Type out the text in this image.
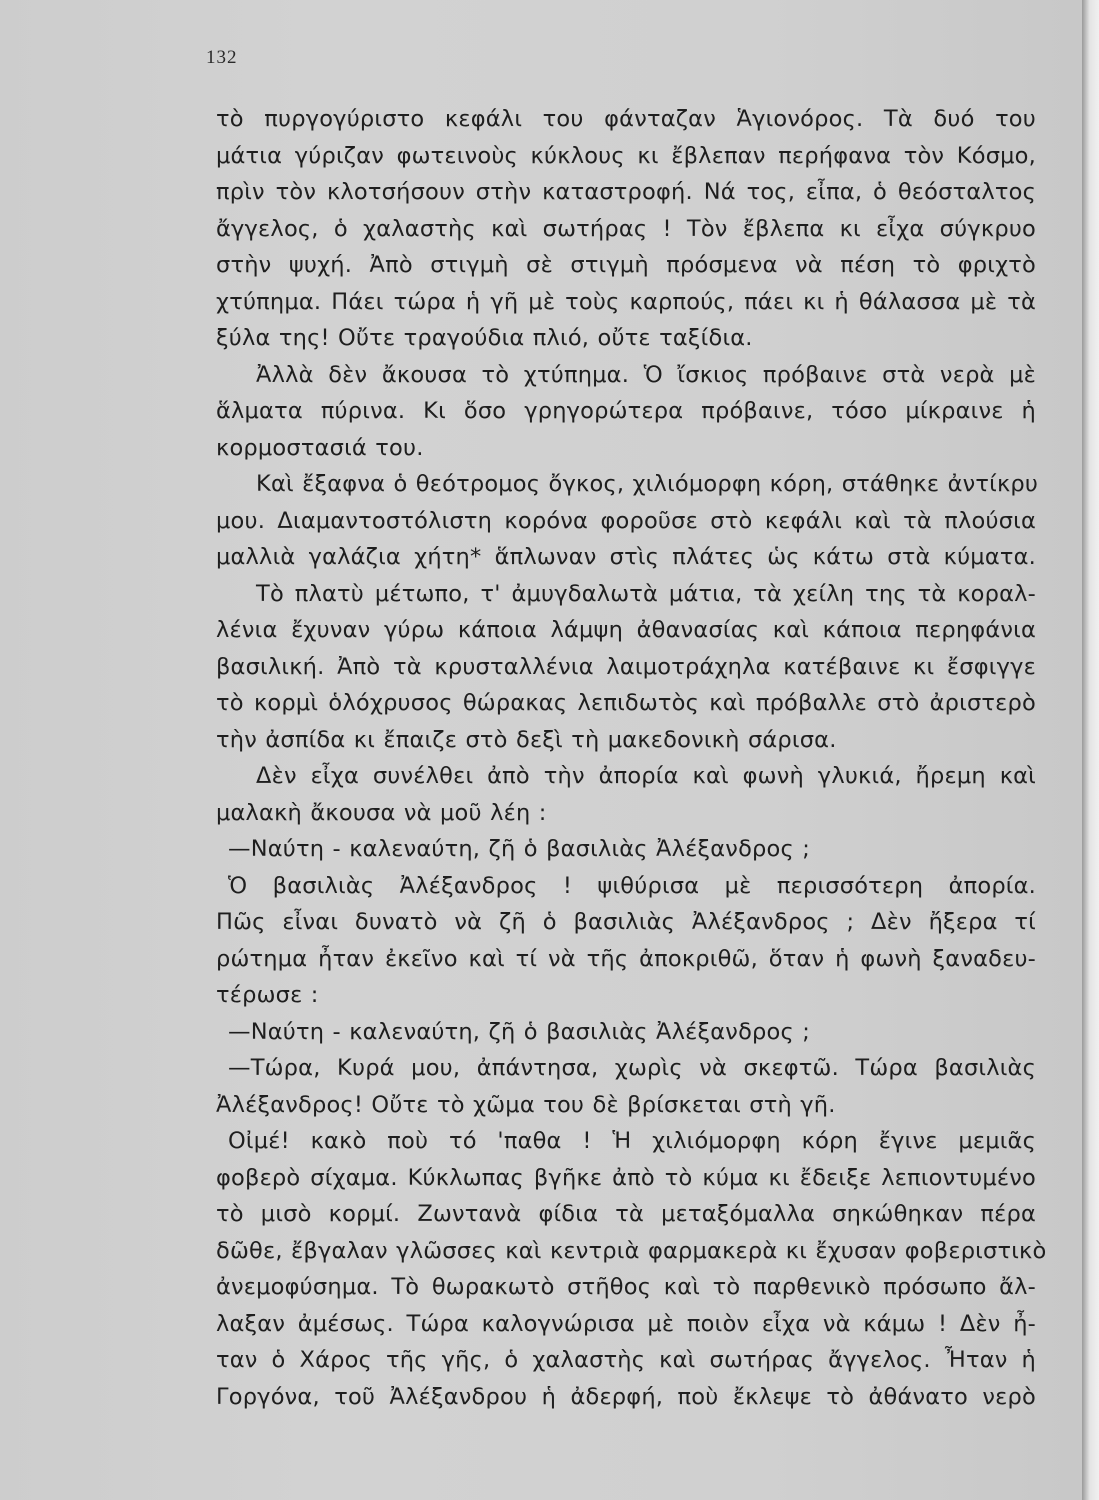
132
τὸ πυργογύριστο κεφάλι του φάνταζαν Ἁγιονόρος. Τὰ δυό του
μάτια γύριζαν φωτεινοὺς κύκλους κι ἔβλεπαν περήφανα τὸν Κόσμο,
πρὶν τὸν κλοτσήσουν στὴν καταστροφή. Νά τος, εἶπα, ὁ θεόσταλτος
ἄγγελος, ὁ χαλαστὴς καὶ σωτήρας ! Τὸν ἔβλεπα κι εἶχα σύγκρυο
στὴν ψυχή. Ἀπὸ στιγμὴ σὲ στιγμὴ πρόσμενα νὰ πέση τὸ φριχτὸ
χτύπημα. Πάει τώρα ἡ γῆ μὲ τοὺς καρπούς, πάει κι ἡ θάλασσα μὲ τὰ
ξύλα της! Οὔτε τραγούδια πλιό, οὔτε ταξίδια.
Ἀλλὰ δὲν ἄκουσα τὸ χτύπημα. Ὁ ἴσκιος πρόβαινε στὰ νερὰ μὲ
ἅλματα πύρινα. Κι ὅσο γρηγορώτερα πρόβαινε, τόσο μίκραινε ἡ
κορμοστασιά του.
Καὶ ἔξαφνα ὁ θεότρομος ὄγκος, χιλιόμορφη κόρη, στάθηκε ἀντίκρυ
μου. Διαμαντοστόλιστη κορόνα φοροῦσε στὸ κεφάλι καὶ τὰ πλούσια
μαλλιὰ γαλάζια χήτη* ἅπλωναν στὶς πλάτες ὡς κάτω στὰ κύματα.
Τὸ πλατὺ μέτωπο, τ' ἀμυγδαλωτὰ μάτια, τὰ χείλη της τὰ κοραλ-
λένια ἔχυναν γύρω κάποια λάμψη ἀθανασίας καὶ κάποια περηφάνια
βασιλική. Ἀπὸ τὰ κρυσταλλένια λαιμοτράχηλα κατέβαινε κι ἔσφιγγε
τὸ κορμὶ ὁλόχρυσος θώρακας λεπιδωτὸς καὶ πρόβαλλε στὸ ἀριστερὸ
τὴν ἀσπίδα κι ἔπαιζε στὸ δεξὶ τὴ μακεδονικὴ σάρισα.
Δὲν εἶχα συνέλθει ἀπὸ τὴν ἀπορία καὶ φωνὴ γλυκιά, ἤρεμη καὶ
μαλακὴ ἄκουσα νὰ μοῦ λέη :
—Ναύτη - καλεναύτη, ζῆ ὁ βασιλιὰς Ἀλέξανδρος ;
Ὁ βασιλιὰς Ἀλέξανδρος ! ψιθύρισα μὲ περισσότερη ἀπορία.
Πῶς εἶναι δυνατὸ νὰ ζῆ ὁ βασιλιὰς Ἀλέξανδρος ; Δὲν ἤξερα τί
ρώτημα ἦταν ἐκεῖνο καὶ τί νὰ τῆς ἀποκριθῶ, ὅταν ἡ φωνὴ ξαναδευ-
τέρωσε :
—Ναύτη - καλεναύτη, ζῆ ὁ βασιλιὰς Ἀλέξανδρος ;
—Τώρα, Κυρά μου, ἀπάντησα, χωρὶς νὰ σκεφτῶ. Τώρα βασιλιὰς
Ἀλέξανδρος! Οὔτε τὸ χῶμα του δὲ βρίσκεται στὴ γῆ.
Οἰμέ! κακὸ ποὺ τό 'παθα ! Ἡ χιλιόμορφη κόρη ἔγινε μεμιᾶς
φοβερὸ σίχαμα. Κύκλωπας βγῆκε ἀπὸ τὸ κύμα κι ἔδειξε λεπιοντυμένο
τὸ μισὸ κορμί. Ζωντανὰ φίδια τὰ μεταξόμαλλα σηκώθηκαν πέρα
δῶθε, ἔβγαλαν γλῶσσες καὶ κεντριὰ φαρμακερὰ κι ἔχυσαν φοβεριστικὸ
ἀνεμοφύσημα. Τὸ θωρακωτὸ στῆθος καὶ τὸ παρθενικὸ πρόσωπο ἄλ-
λαξαν ἀμέσως. Τώρα καλογνώρισα μὲ ποιὸν εἶχα νὰ κάμω ! Δὲν ἦ-
ταν ὁ Χάρος τῆς γῆς, ὁ χαλαστὴς καὶ σωτήρας ἄγγελος. Ἦταν ἡ
Γοργόνα, τοῦ Ἀλέξανδρου ἡ ἀδερφή, ποὺ ἔκλεψε τὸ ἀθάνατο νερὸ
